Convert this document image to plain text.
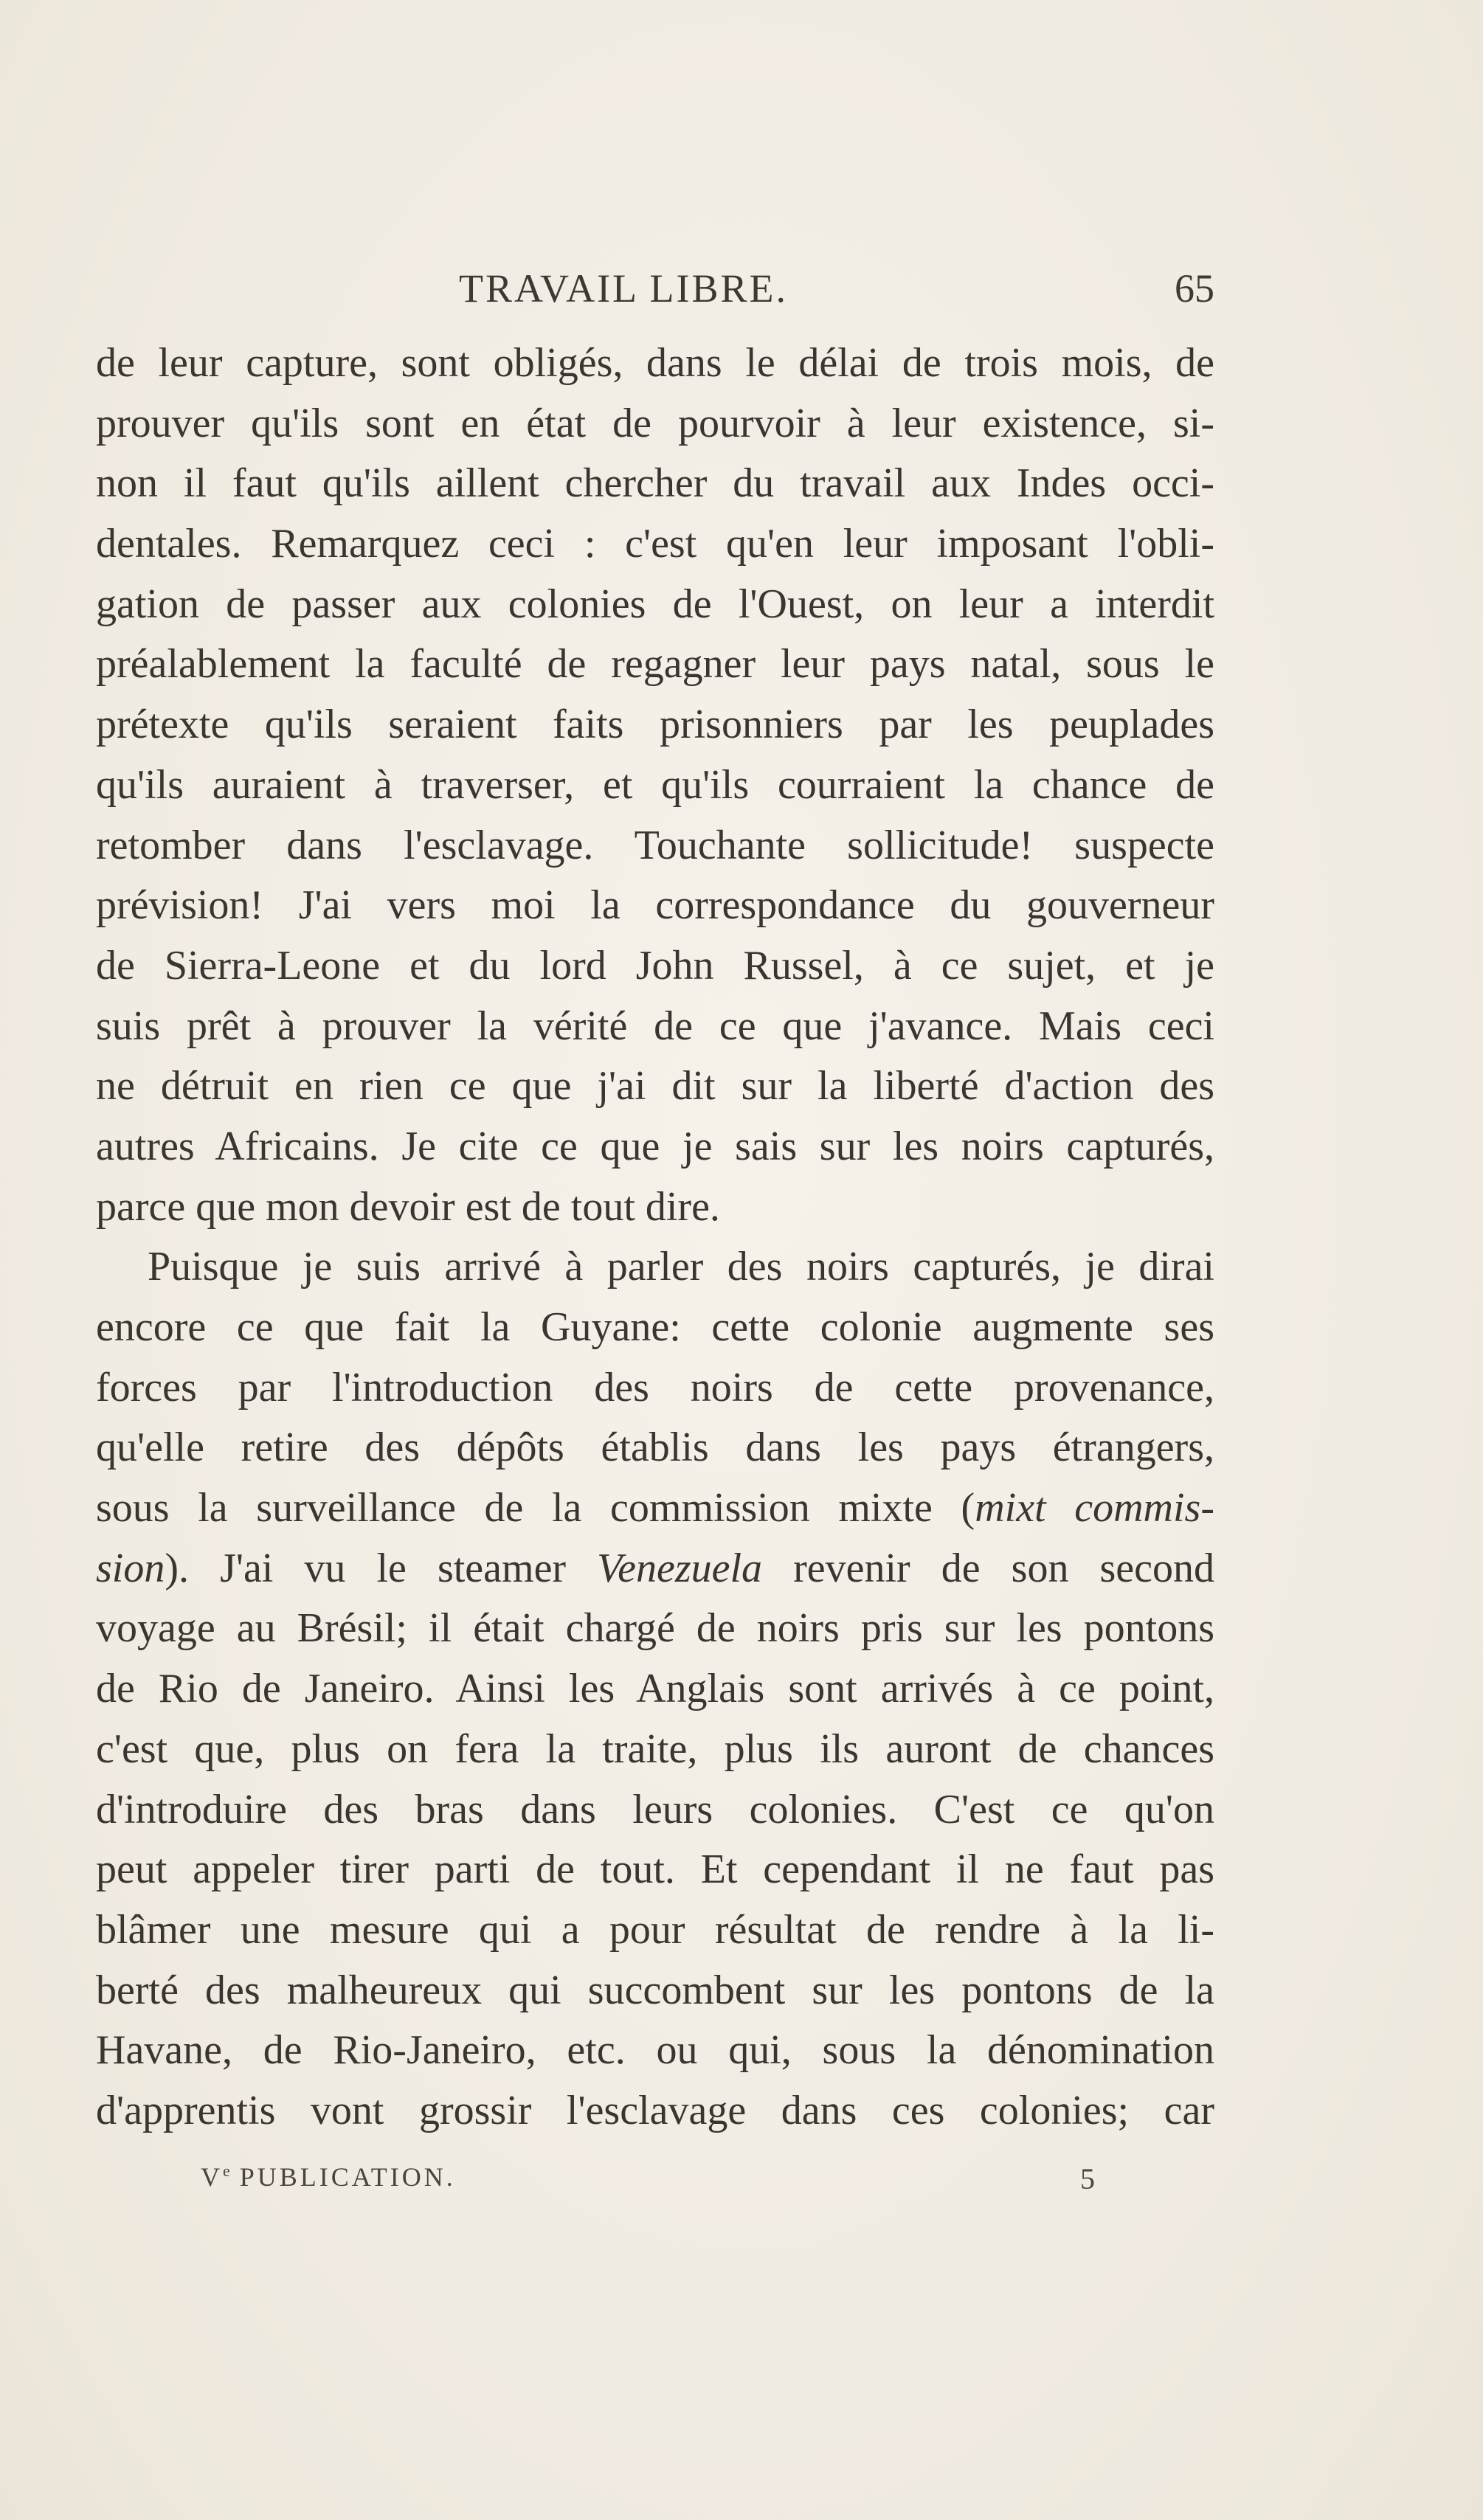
TRAVAIL LIBRE.	65
de leur capture, sont obligés, dans le délai de trois mois, de
prouver qu'ils sont en état de pourvoir à leur existence, si-
non il faut qu'ils aillent chercher du travail aux Indes occi-
dentales. Remarquez ceci : c'est qu'en leur imposant l'obli-
gation de passer aux colonies de l'Ouest, on leur a interdit
préalablement la faculté de regagner leur pays natal, sous le
prétexte qu'ils seraient faits prisonniers par les peuplades
qu'ils auraient à traverser, et qu'ils courraient la chance de
retomber dans l'esclavage. Touchante sollicitude! suspecte
prévision! J'ai vers moi la correspondance du gouverneur
de Sierra-Leone et du lord John Russel, à ce sujet, et je
suis prêt à prouver la vérité de ce que j'avance. Mais ceci
ne détruit en rien ce que j'ai dit sur la liberté d'action des
autres Africains. Je cite ce que je sais sur les noirs capturés,
parce que mon devoir est de tout dire.
Puisque je suis arrivé à parler des noirs capturés, je dirai
encore ce que fait la Guyane: cette colonie augmente ses
forces par l'introduction des noirs de cette provenance,
qu'elle retire des dépôts établis dans les pays étrangers,
sous la surveillance de la commission mixte (mixt commis-
sion). J'ai vu le steamer Venezuela revenir de son second
voyage au Brésil; il était chargé de noirs pris sur les pontons
de Rio de Janeiro. Ainsi les Anglais sont arrivés à ce point,
c'est que, plus on fera la traite, plus ils auront de chances
d'introduire des bras dans leurs colonies. C'est ce qu'on
peut appeler tirer parti de tout. Et cependant il ne faut pas
blâmer une mesure qui a pour résultat de rendre à la li-
berté des malheureux qui succombent sur les pontons de la
Havane, de Rio-Janeiro, etc. ou qui, sous la dénomination
d'apprentis vont grossir l'esclavage dans ces colonies; car
Ve PUBLICATION.	5
